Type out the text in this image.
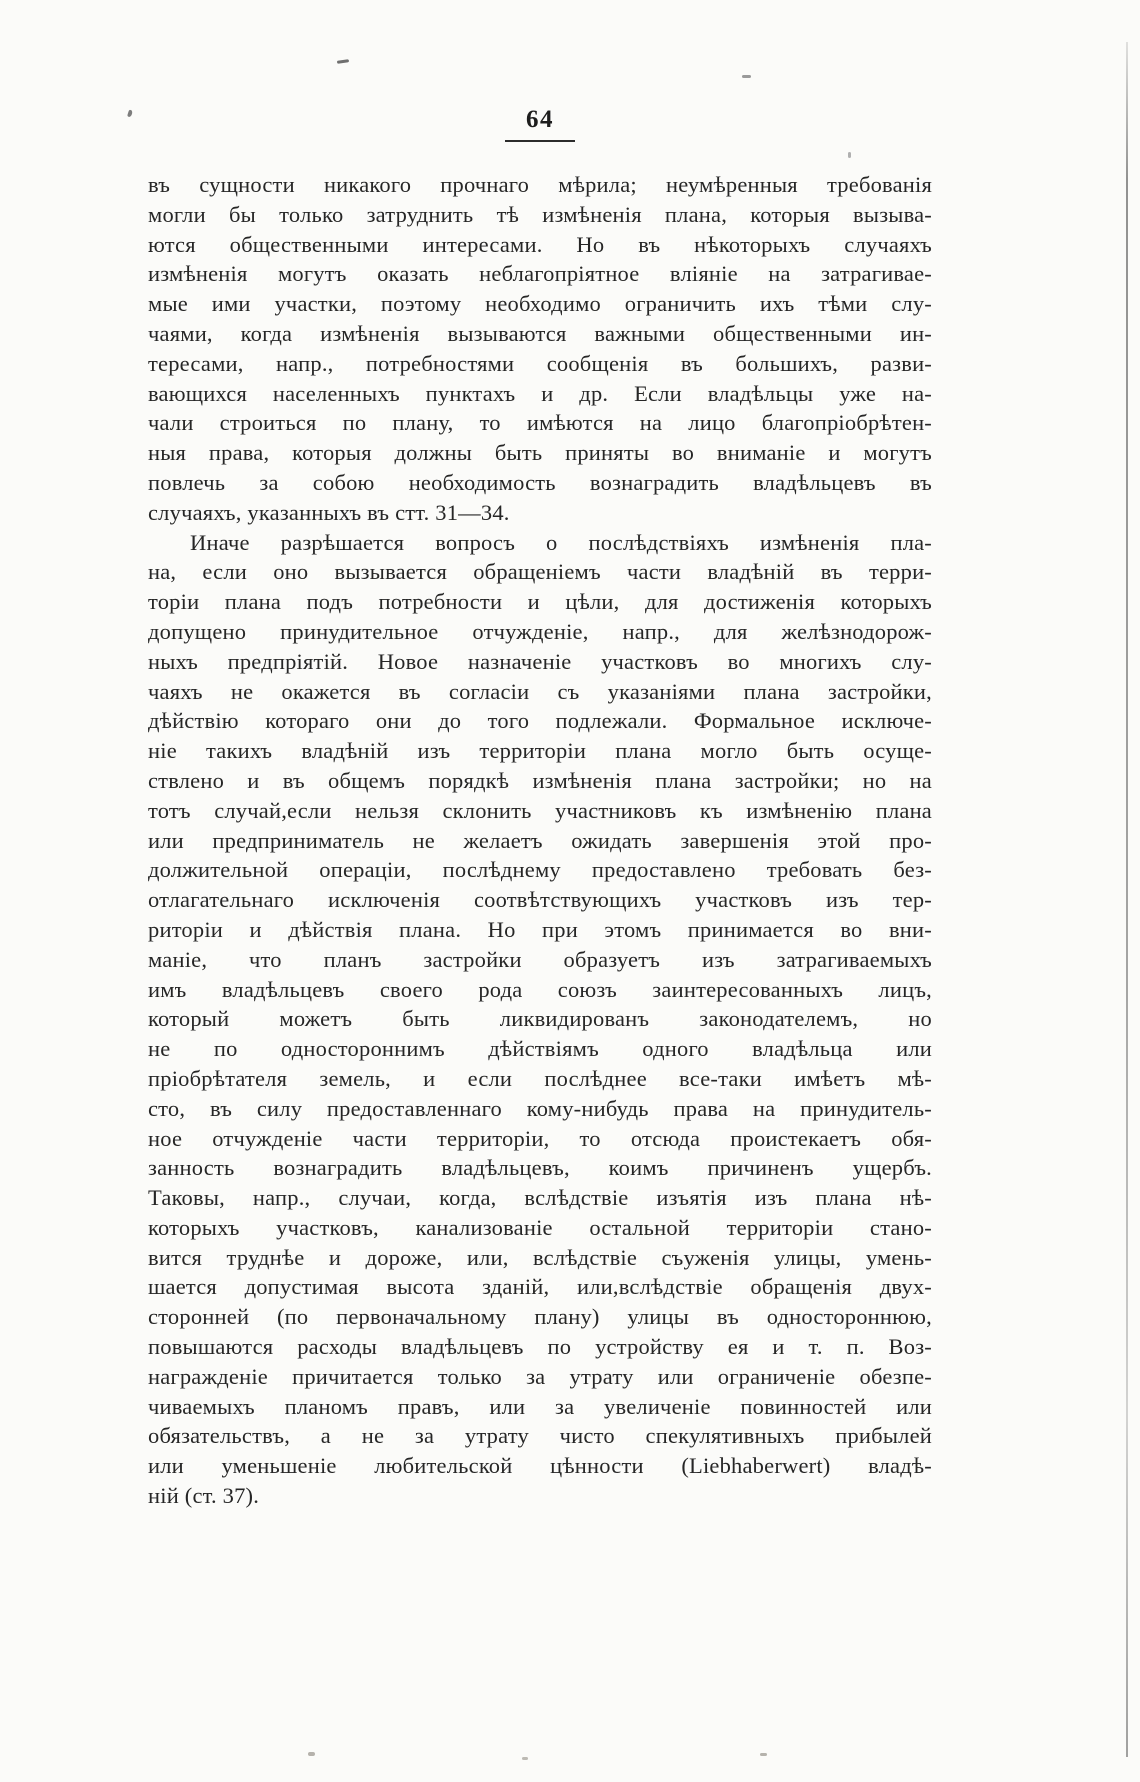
64
въ сущности никакого прочнаго мѣрила; неумѣренныя требованія
могли бы только затруднить тѣ измѣненія плана, которыя вызыва-
ются общественными интересами. Но въ нѣкоторыхъ случаяхъ
измѣненія могутъ оказать неблагопріятное вліяніе на затрагивае-
мые ими участки, поэтому необходимо ограничить ихъ тѣми слу-
чаями, когда измѣненія вызываются важными общественными ин-
тересами, напр., потребностями сообщенія въ большихъ, разви-
вающихся населенныхъ пунктахъ и др. Если владѣльцы уже на-
чали строиться по плану, то имѣются на лицо благопріобрѣтен-
ныя права, которыя должны быть приняты во вниманіе и могутъ
повлечь за собою необходимость вознаградить владѣльцевъ въ
случаяхъ, указанныхъ въ стт. 31—34.
Иначе разрѣшается вопросъ о послѣдствіяхъ измѣненія пла-
на, если оно вызывается обращеніемъ части владѣній въ терри-
торіи плана подъ потребности и цѣли, для достиженія которыхъ
допущено принудительное отчужденіе, напр., для желѣзнодорож-
ныхъ предпріятій. Новое назначеніе участковъ во многихъ слу-
чаяхъ не окажется въ согласіи съ указаніями плана застройки,
дѣйствію котораго они до того подлежали. Формальное исключе-
ніе такихъ владѣній изъ территоріи плана могло быть осуще-
ствлено и въ общемъ порядкѣ измѣненія плана застройки; но на
тотъ случай,если нельзя склонить участниковъ къ измѣненію плана
или предприниматель не желаетъ ожидать завершенія этой про-
должительной операціи, послѣднему предоставлено требовать без-
отлагательнаго исключенія соотвѣтствующихъ участковъ изъ тер-
риторіи и дѣйствія плана. Но при этомъ принимается во вни-
маніе, что планъ застройки образуетъ изъ затрагиваемыхъ
имъ владѣльцевъ своего рода союзъ заинтересованныхъ лицъ,
который можетъ быть ликвидированъ законодателемъ, но
не по одностороннимъ дѣйствіямъ одного владѣльца или
пріобрѣтателя земель, и если послѣднее все-таки имѣетъ мѣ-
сто, въ силу предоставленнаго кому-нибудь права на принудитель-
ное отчужденіе части территоріи, то отсюда проистекаетъ обя-
занность вознаградить владѣльцевъ, коимъ причиненъ ущербъ.
Таковы, напр., случаи, когда, вслѣдствіе изъятія изъ плана нѣ-
которыхъ участковъ, канализованіе остальной территоріи стано-
вится труднѣе и дороже, или, вслѣдствіе съуженія улицы, умень-
шается допустимая высота зданій, или,вслѣдствіе обращенія двух-
сторонней (по первоначальному плану) улицы въ одностороннюю,
повышаются расходы владѣльцевъ по устройству ея и т. п. Воз-
награжденіе причитается только за утрату или ограниченіе обезпе-
чиваемыхъ планомъ правъ, или за увеличеніе повинностей или
обязательствъ, а не за утрату чисто спекулятивныхъ прибылей
или уменьшеніе любительской цѣнности (Liebhaberwert) владѣ-
ній (ст. 37).
